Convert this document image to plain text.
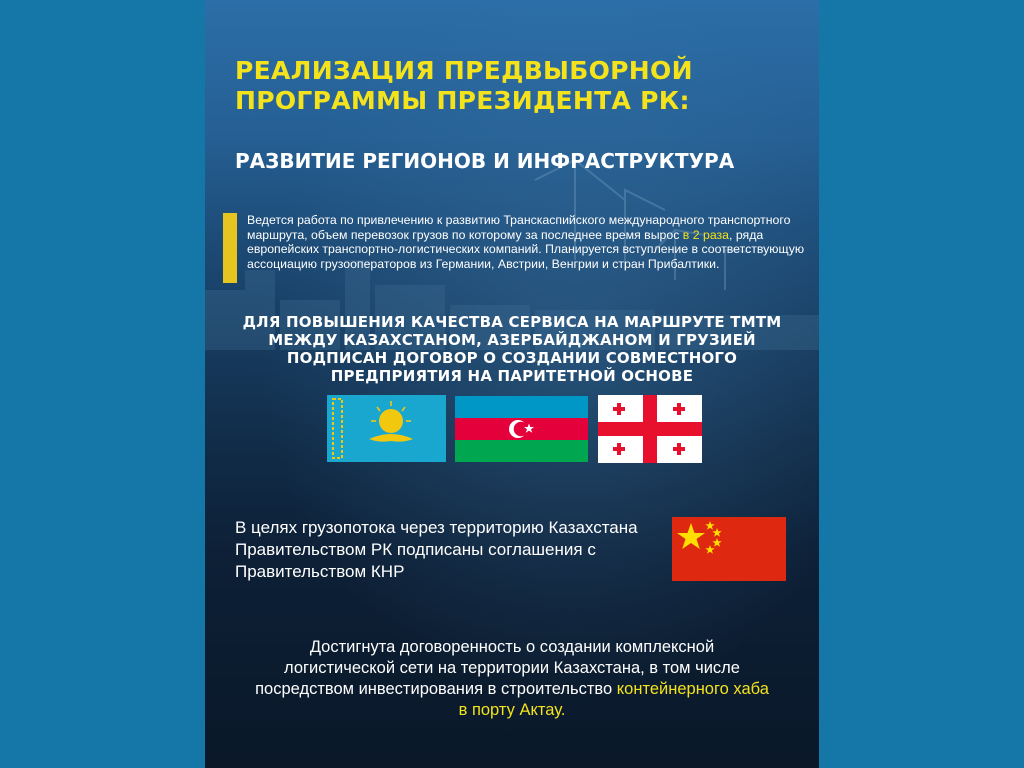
РЕАЛИЗАЦИЯ ПРЕДВЫБОРНОЙ ПРОГРАММЫ ПРЕЗИДЕНТА РК:
РАЗВИТИЕ РЕГИОНОВ И ИНФРАСТРУКТУРА

Ведется работа по привлечению к развитию Транскаспийского международного транспортного маршрута, объем перевозок грузов по которому за последнее время вырос в 2 раза, ряда европейских транспортно-логистических компаний. Планируется вступление в соответствующую ассоциацию грузооператоров из Германии, Австрии, Венгрии и стран Прибалтики.

ДЛЯ ПОВЫШЕНИЯ КАЧЕСТВА СЕРВИСА НА МАРШРУТЕ ТМТМ МЕЖДУ КАЗАХСТАНОМ, АЗЕРБАЙДЖАНОМ И ГРУЗИЕЙ ПОДПИСАН ДОГОВОР О СОЗДАНИИ СОВМЕСТНОГО ПРЕДПРИЯТИЯ НА ПАРИТЕТНОЙ ОСНОВЕ

В целях грузопотока через территорию Казахстана Правительством РК подписаны соглашения с Правительством КНР

Достигнута договоренность о создании комплексной логистической сети на территории Казахстана, в том числе посредством инвестирования в строительство контейнерного хаба в порту Актау.
